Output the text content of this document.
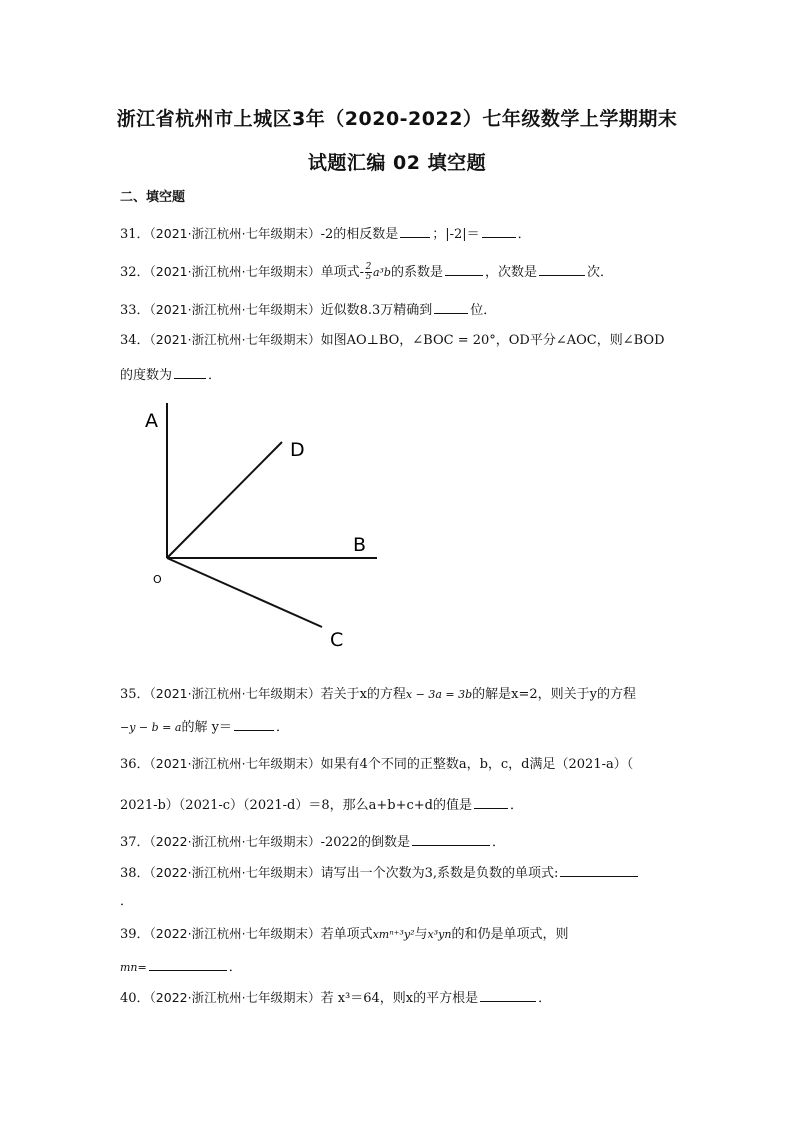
浙江省杭州市上城区3年（2020-2022）七年级数学上学期期末
试题汇编 02 填空题
二、填空题
31．（2021·浙江杭州·七年级期末）-2的相反数是	；|-2|＝	．
32．（2021·浙江杭州·七年级期末）单项式- $\frac{2}{5} a^3b$的系数是	，次数是	次．
33．（2021·浙江杭州·七年级期末）近似数8.3万精确到	位．
34．（2021·浙江杭州·七年级期末）如图AO⊥BO，∠BOC = 20°，OD平分∠AOC，则∠BOD
的度数为	．
A
D
B
O
C
35．（2021·浙江杭州·七年级期末）若关于x的方程x − 3a = 3b的解是x=2，则关于y的方程
−y − b = a的解 y＝	．
36．（2021·浙江杭州·七年级期末）如果有4个不同的正整数a，b，c，d满足（2021-a）（
2021-b）（2021-c）（2021-d）＝8，那么a+b+c+d的值是	．
37．（2022·浙江杭州·七年级期末）-2022的倒数是	．
38．（2022·浙江杭州·七年级期末）请写出一个次数为3,系数是负数的单项式:
．
39．（2022·浙江杭州·七年级期末）若单项式xmⁿ⁺³y²与x³yn的和仍是单项式，则
mn=	．
40．（2022·浙江杭州·七年级期末）若 x³＝64，则x的平方根是	．
